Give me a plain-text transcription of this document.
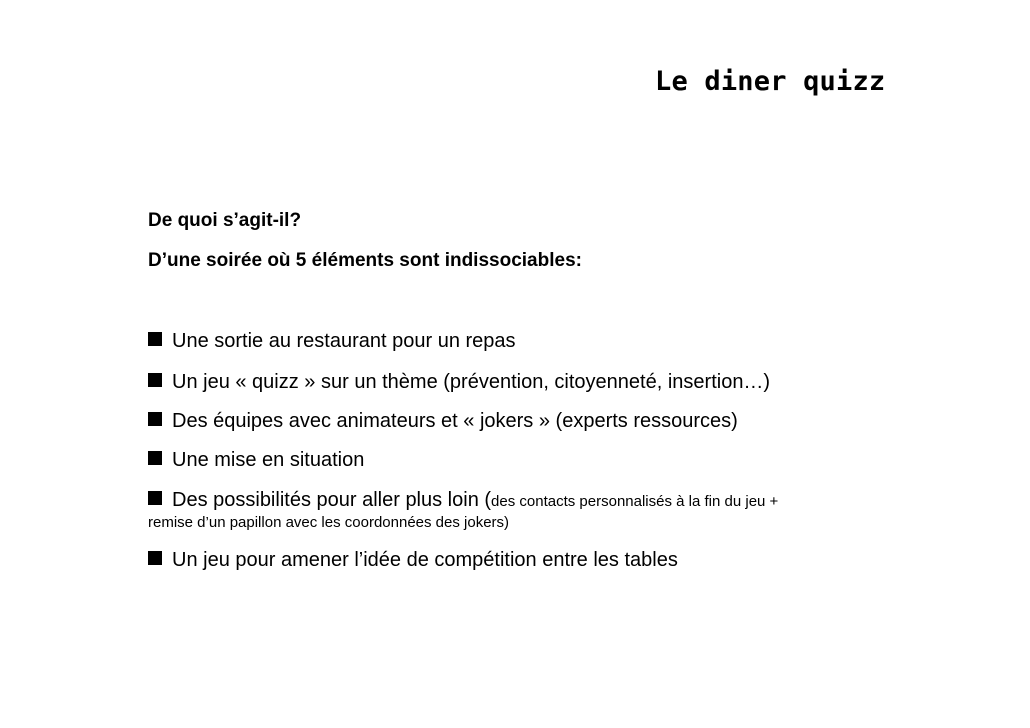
Le diner quizz
De quoi s’agit-il?
D’une soirée où 5 éléments sont indissociables:
Une sortie au restaurant pour un repas
Un jeu « quizz » sur un thème (prévention, citoyenneté, insertion…)
Des équipes avec animateurs et « jokers » (experts ressources)
Une mise en situation
Des possibilités pour aller plus loin (des contacts personnalisés à la fin du jeu +
remise d’un papillon avec les coordonnées des jokers)
Un jeu pour amener l’idée de compétition entre les tables
